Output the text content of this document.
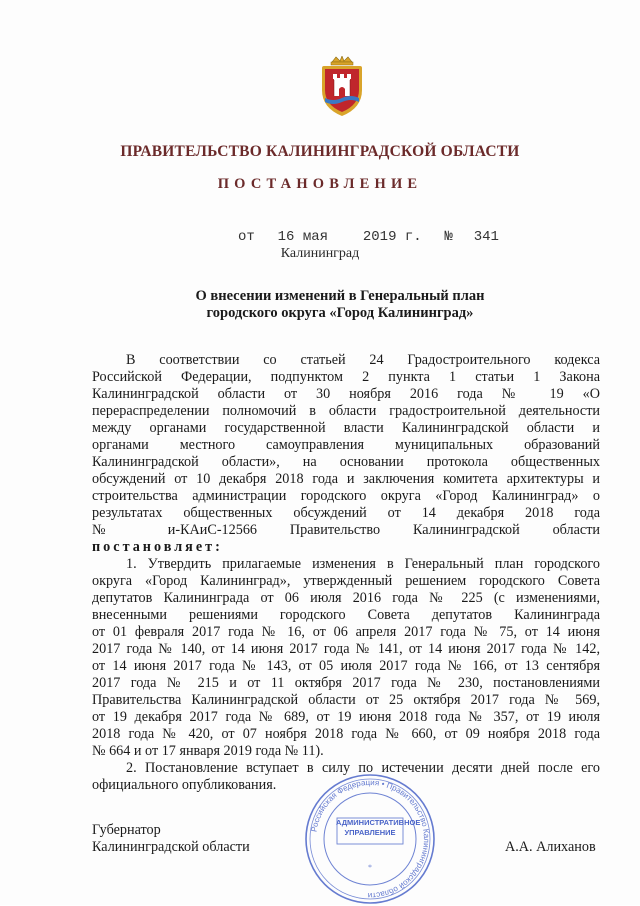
ПРАВИТЕЛЬСТВО КАЛИНИНГРАДСКОЙ ОБЛАСТИ
ПОСТАНОВЛЕНИЕ
от 16 мая 2019 г. № 341
Калининград
О внесении изменений в Генеральный план
городского округа «Город Калининград»
В соответствии со статьей 24 Градостроительного кодекса
Российской Федерации, подпунктом 2 пункта 1 статьи 1 Закона
Калининградской области от 30 ноября 2016 года № 19 «О
перераспределении полномочий в области градостроительной деятельности
между органами государственной власти Калининградской области и
органами местного самоуправления муниципальных образований
Калининградской области», на основании протокола общественных
обсуждений от 10 декабря 2018 года и заключения комитета архитектуры и
строительства администрации городского округа «Город Калининград» о
результатах общественных обсуждений от 14 декабря 2018 года
№ и-КАиС-12566 Правительство Калининградской области
постановляет:
1. Утвердить прилагаемые изменения в Генеральный план городского
округа «Город Калининград», утвержденный решением городского Совета
депутатов Калининграда от 06 июля 2016 года № 225 (с изменениями,
внесенными решениями городского Совета депутатов Калининграда
от 01 февраля 2017 года № 16, от 06 апреля 2017 года № 75, от 14 июня
2017 года № 140, от 14 июня 2017 года № 141, от 14 июня 2017 года № 142,
от 14 июня 2017 года № 143, от 05 июля 2017 года № 166, от 13 сентября
2017 года № 215 и от 11 октября 2017 года № 230, постановлениями
Правительства Калининградской области от 25 октября 2017 года № 569,
от 19 декабря 2017 года № 689, от 19 июня 2018 года № 357, от 19 июля
2018 года № 420, от 07 ноября 2018 года № 660, от 09 ноября 2018 года
№ 664 и от 17 января 2019 года № 11).
2. Постановление вступает в силу по истечении десяти дней после его
официального опубликования.
Российская Федерация • Правительство Калининградской области
*
АДМИНИСТРАТИВНОЕ
УПРАВЛЕНИЕ
Губернатор
Калининградской области	А.А. Алиханов
